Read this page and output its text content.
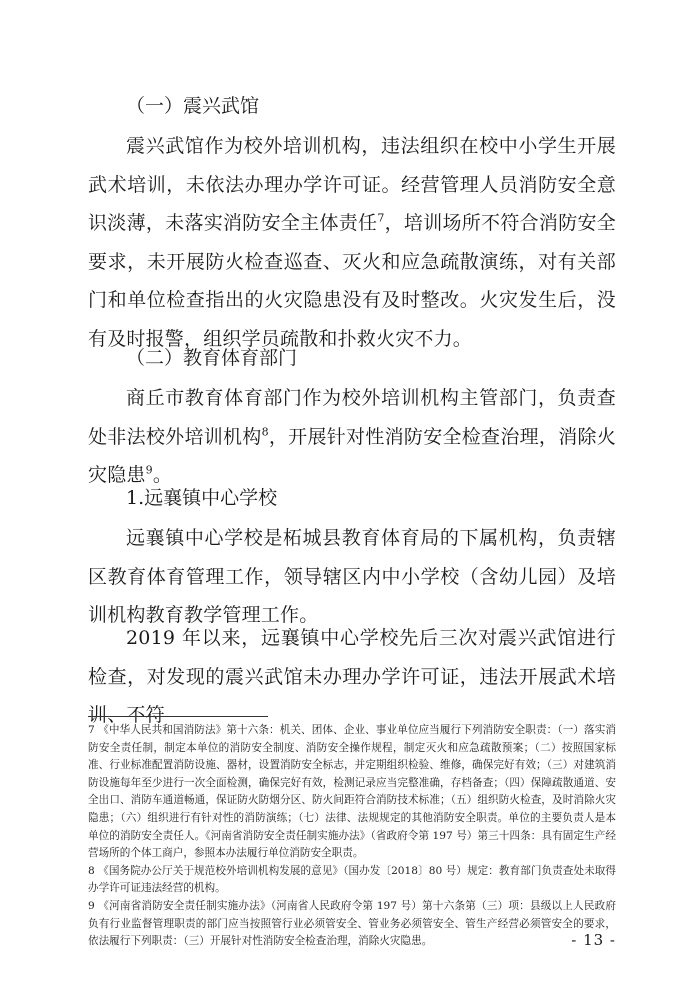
（一）震兴武馆

震兴武馆作为校外培训机构，违法组织在校中小学生开展武术培训，未依法办理办学许可证。经营管理人员消防安全意识淡薄，未落实消防安全主体责任$^7$，培训场所不符合消防安全要求，未开展防火检查巡查、灭火和应急疏散演练，对有关部门和单位检查指出的火灾隐患没有及时整改。火灾发生后，没有及时报警，组织学员疏散和扑救火灾不力。

（二）教育体育部门

商丘市教育体育部门作为校外培训机构主管部门，负责查处非法校外培训机构$^8$，开展针对性消防安全检查治理，消除火灾隐患$^9$。

1.远襄镇中心学校

远襄镇中心学校是柘城县教育体育局的下属机构，负责辖区教育体育管理工作，领导辖区内中小学校（含幼儿园）及培训机构教育教学管理工作。

2019 年以来，远襄镇中心学校先后三次对震兴武馆进行检查，对发现的震兴武馆未办理办学许可证，违法开展武术培训、不符

7 《中华人民共和国消防法》第十六条：机关、团体、企业、事业单位应当履行下列消防安全职责：（一）落实消防安全责任制，制定本单位的消防安全制度、消防安全操作规程，制定灭火和应急疏散预案；（二）按照国家标准、行业标准配置消防设施、器材，设置消防安全标志，并定期组织检验、维修，确保完好有效；（三）对建筑消防设施每年至少进行一次全面检测，确保完好有效，检测记录应当完整准确，存档备查；（四）保障疏散通道、安全出口、消防车通道畅通，保证防火防烟分区、防火间距符合消防技术标准；（五）组织防火检查，及时消除火灾隐患；（六）组织进行有针对性的消防演练；（七）法律、法规规定的其他消防安全职责。单位的主要负责人是本单位的消防安全责任人。《河南省消防安全责任制实施办法》（省政府令第 197 号）第三十四条：具有固定生产经营场所的个体工商户，参照本办法履行单位消防安全职责。

8 《国务院办公厅关于规范校外培训机构发展的意见》（国办发〔2018〕80 号）规定：教育部门负责查处未取得办学许可证违法经营的机构。

9 《河南省消防安全责任制实施办法》（河南省人民政府令第 197 号）第十六条第（三）项：县级以上人民政府负有行业监督管理职责的部门应当按照管行业必须管安全、管业务必须管安全、管生产经营必须管安全的要求，依法履行下列职责：（三）开展针对性消防安全检查治理，消除火灾隐患。	- 13 -
